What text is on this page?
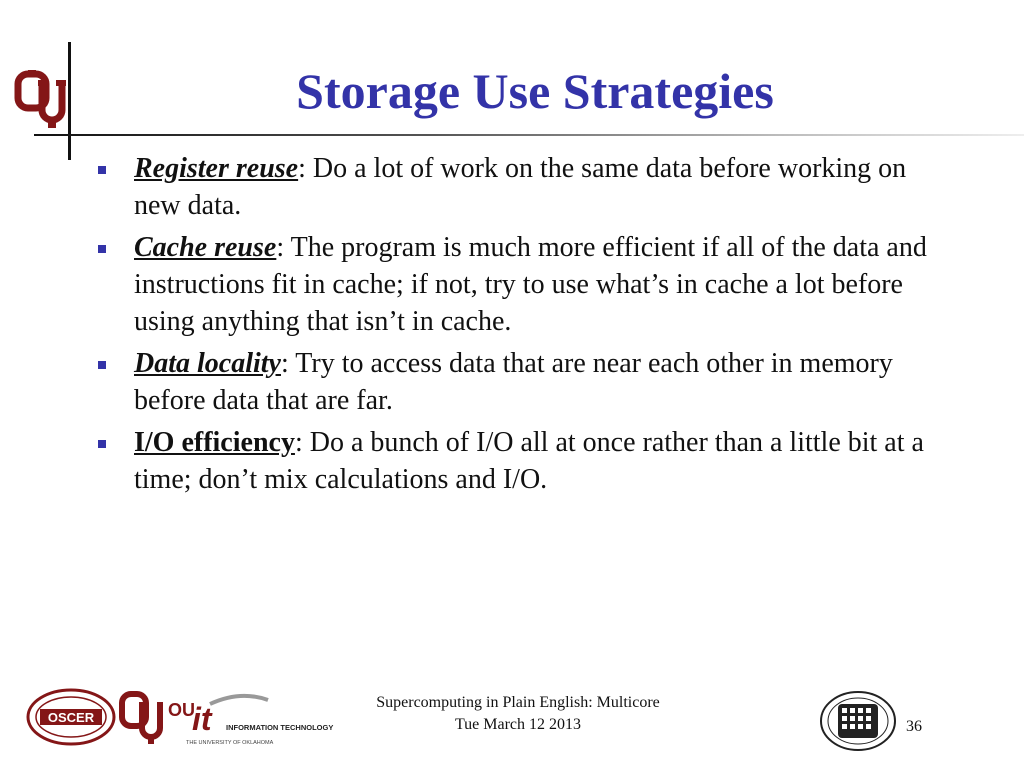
Storage Use Strategies
Register reuse: Do a lot of work on the same data before working on new data.
Cache reuse: The program is much more efficient if all of the data and instructions fit in cache; if not, try to use what’s in cache a lot before using anything that isn’t in cache.
Data locality: Try to access data that are near each other in memory before data that are far.
I/O efficiency: Do a bunch of I/O all at once rather than a little bit at a time; don’t mix calculations and I/O.
OSCER	OU
it INFORMATION TECHNOLOGY
THE UNIVERSITY OF OKLAHOMA
Supercomputing in Plain English: Multicore
Tue March 12 2013	36
